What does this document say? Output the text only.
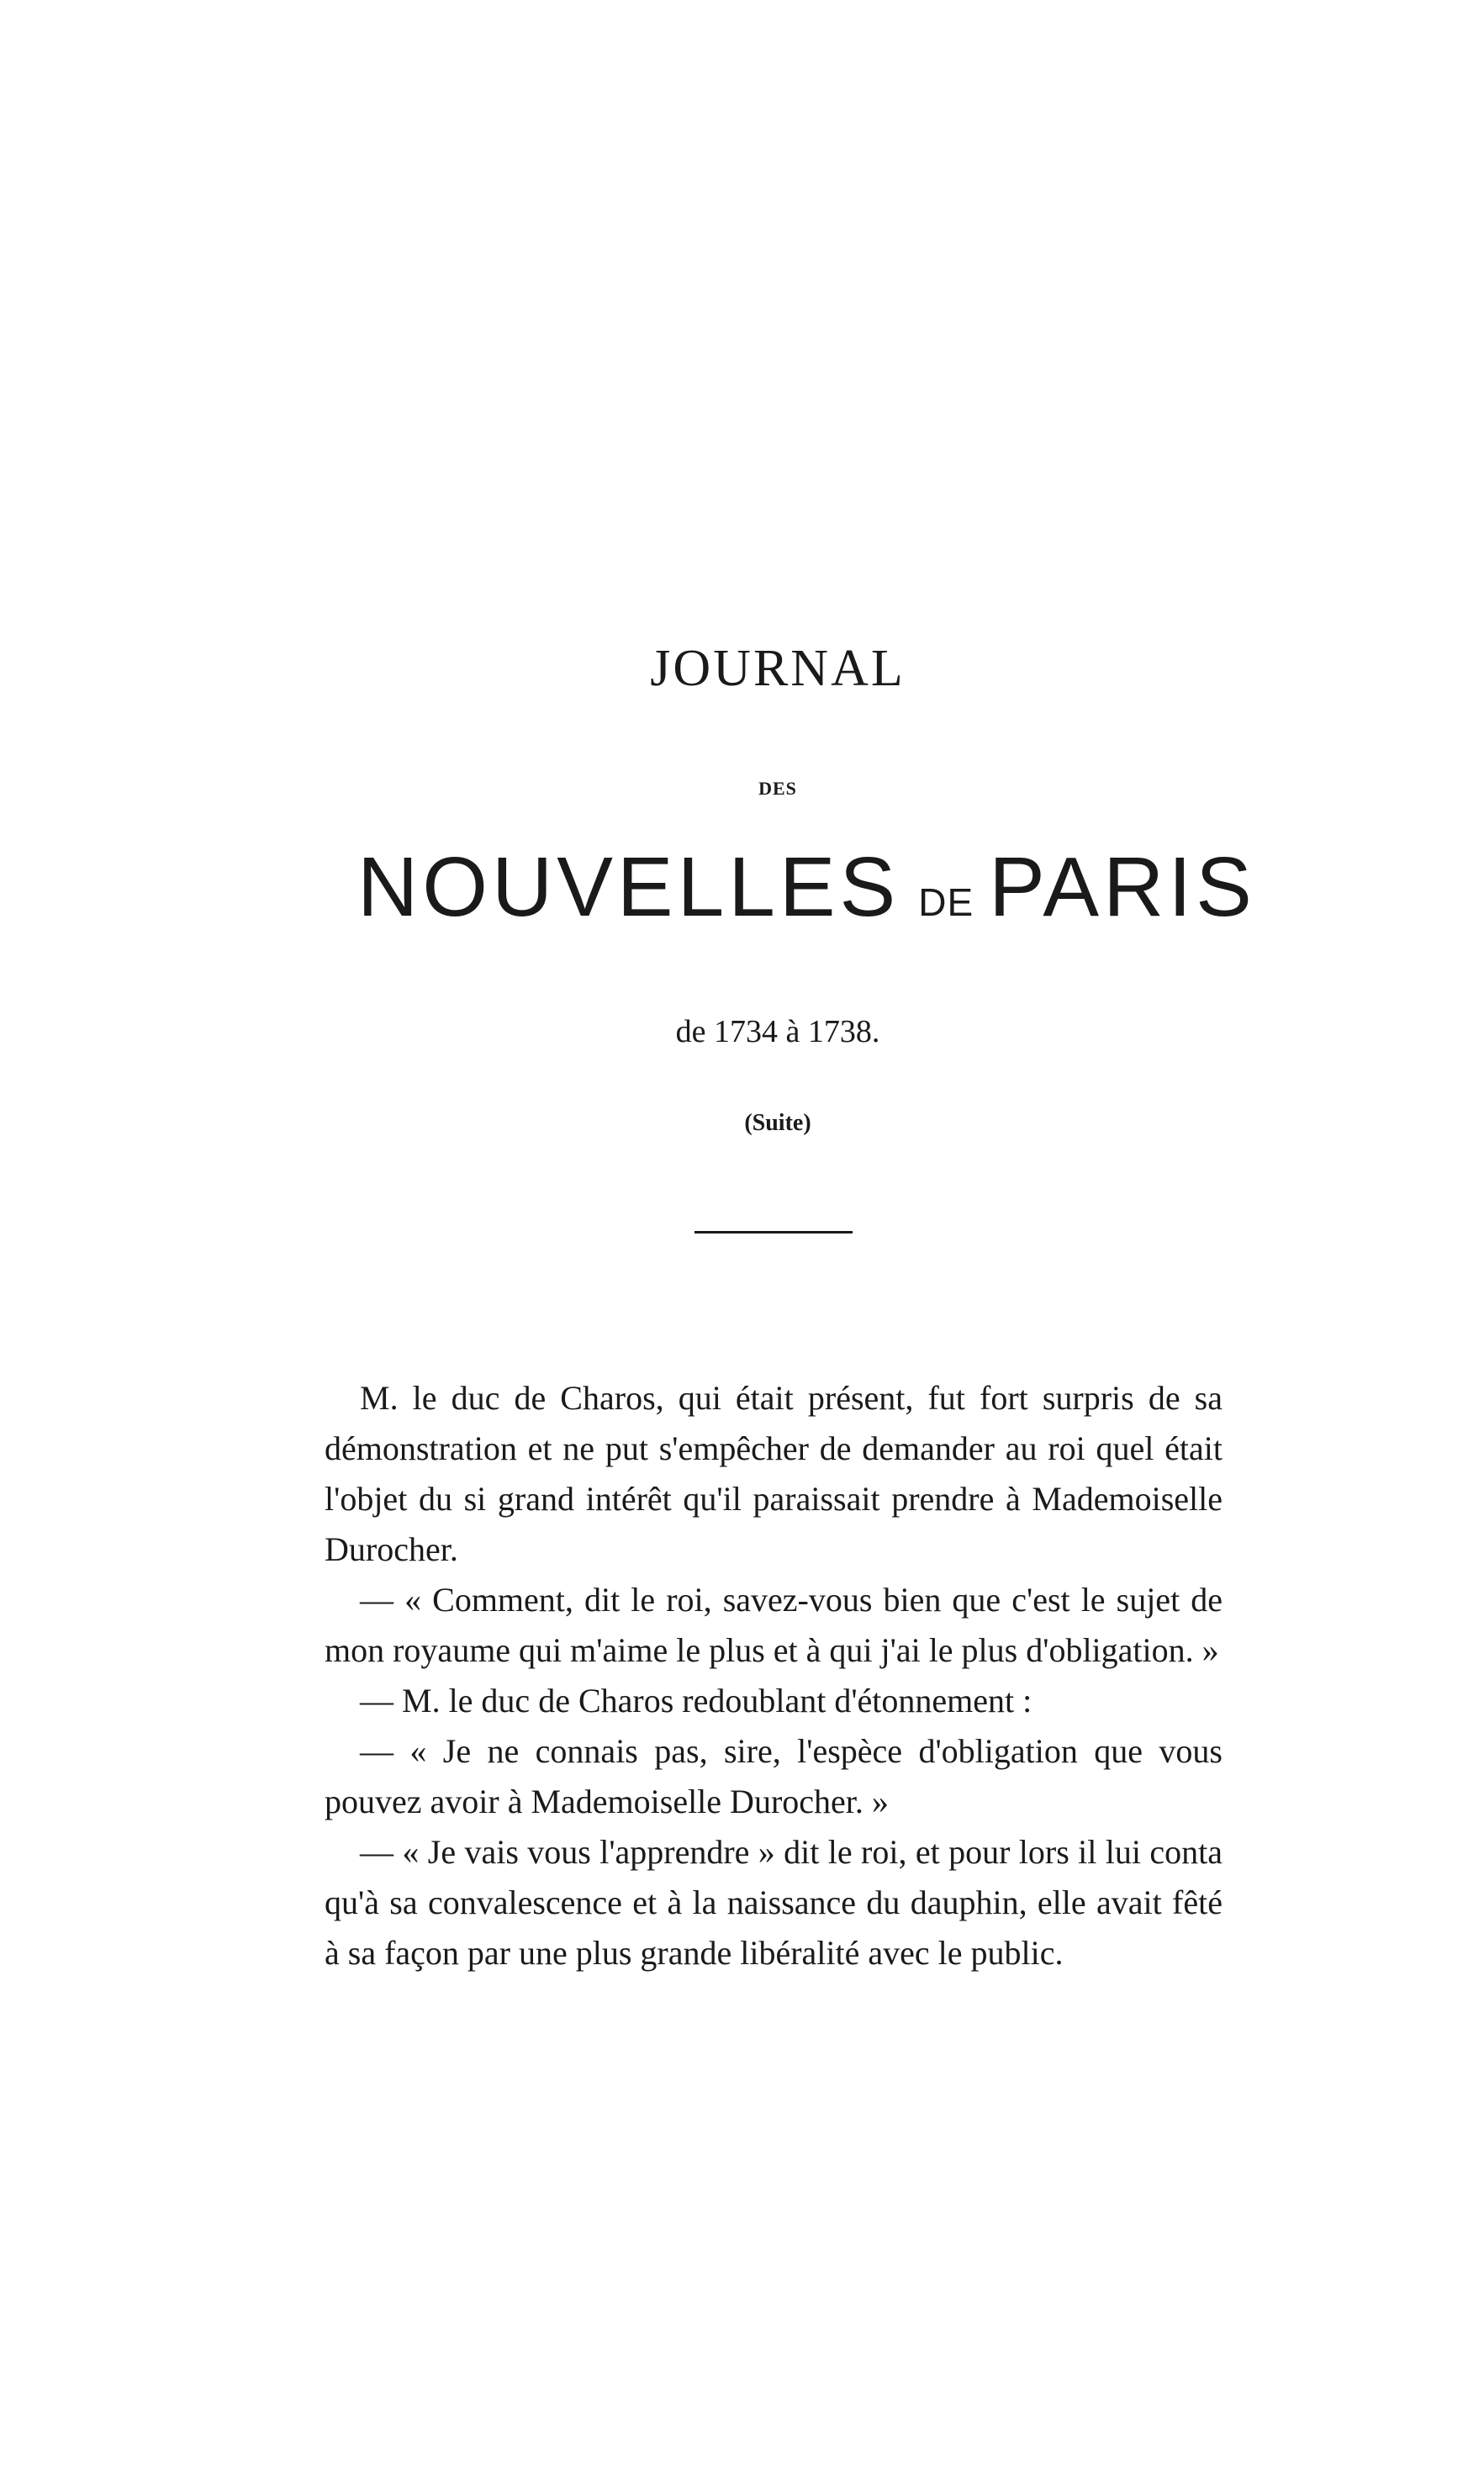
JOURNAL
DES
NOUVELLES DE PARIS
de 1734 à 1738.
(Suite)

M. le duc de Charos, qui était présent, fut fort surpris de sa démonstration et ne put s'empêcher de demander au roi quel était l'objet du si grand intérêt qu'il paraissait prendre à Mademoiselle Durocher.

— « Comment, dit le roi, savez-vous bien que c'est le sujet de mon royaume qui m'aime le plus et à qui j'ai le plus d'obligation. »

— M. le duc de Charos redoublant d'étonnement :

— « Je ne connais pas, sire, l'espèce d'obligation que vous pouvez avoir à Mademoiselle Durocher. »

— « Je vais vous l'apprendre » dit le roi, et pour lors il lui conta qu'à sa convalescence et à la naissance du dauphin, elle avait fêté à sa façon par une plus grande libéralité avec le public.
